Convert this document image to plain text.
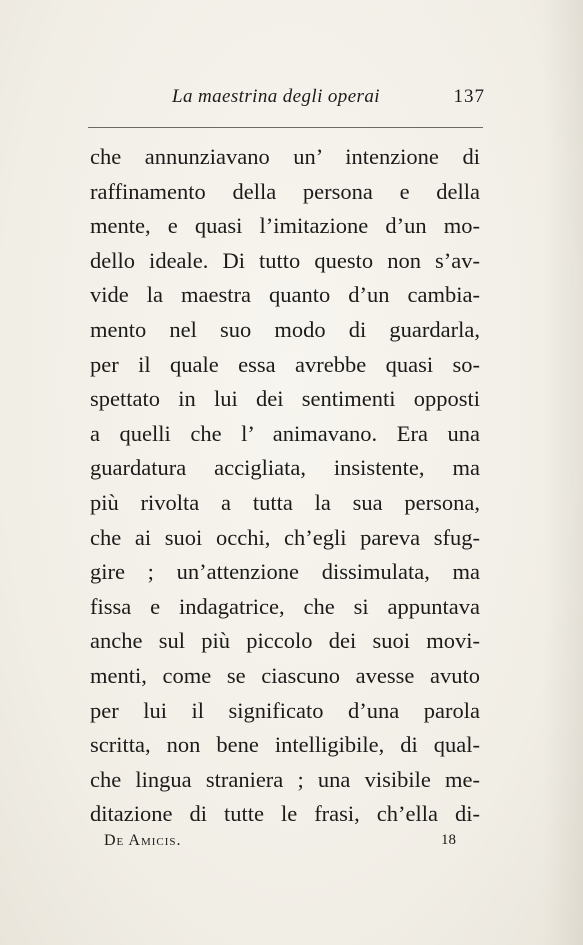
La maestrina degli operai	137
che annunziavano un’ intenzione di
raffinamento della persona e della
mente, e quasi l’imitazione d’un mo-
dello ideale. Di tutto questo non s’av-
vide la maestra quanto d’un cambia-
mento nel suo modo di guardarla,
per il quale essa avrebbe quasi so-
spettato in lui dei sentimenti opposti
a quelli che l’ animavano. Era una
guardatura accigliata, insistente, ma
più rivolta a tutta la sua persona,
che ai suoi occhi, ch’egli pareva sfug-
gire ; un’attenzione dissimulata, ma
fissa e indagatrice, che si appuntava
anche sul più piccolo dei suoi movi-
menti, come se ciascuno avesse avuto
per lui il significato d’una parola
scritta, non bene intelligibile, di qual-
che lingua straniera ; una visibile me-
ditazione di tutte le frasi, ch’ella di-
De Amicis.	18
